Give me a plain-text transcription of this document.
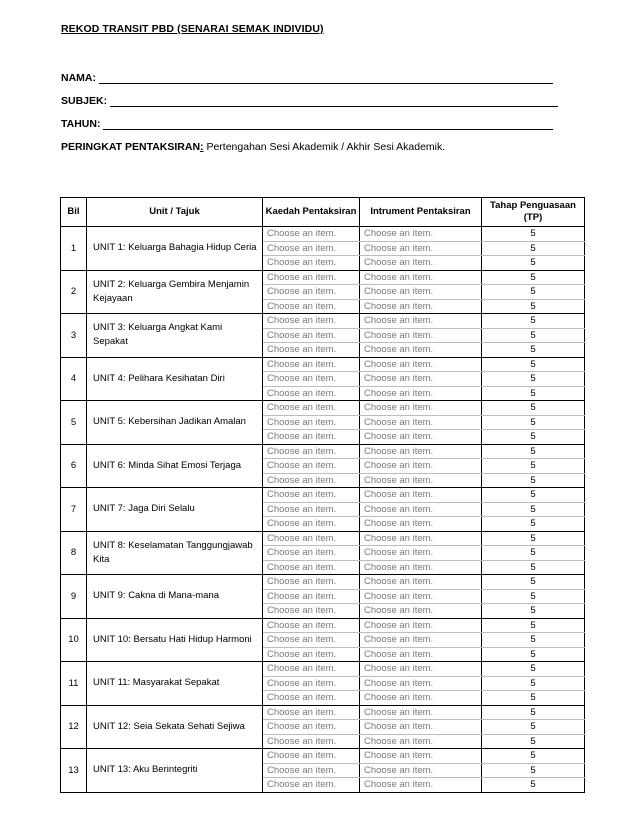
REKOD TRANSIT PBD (SENARAI SEMAK INDIVIDU)
NAMA:
SUBJEK:
TAHUN:
PERINGKAT PENTAKSIRAN: Pertengahan Sesi Akademik / Akhir Sesi Akademik.
Bil	Unit / Tajuk	Kaedah Pentaksiran	Intrument Pentaksiran	Tahap Penguasaan (TP)
1	UNIT 1: Keluarga Bahagia Hidup Ceria	Choose an item.	Choose an item.	5
		Choose an item.	Choose an item.	5
		Choose an item.	Choose an item.	5
2	UNIT 2: Keluarga Gembira Menjamin Kejayaan	Choose an item.	Choose an item.	5
		Choose an item.	Choose an item.	5
		Choose an item.	Choose an item.	5
3	UNIT 3: Keluarga Angkat Kami Sepakat	Choose an item.	Choose an item.	5
		Choose an item.	Choose an item.	5
		Choose an item.	Choose an item.	5
4	UNIT 4: Pelihara Kesihatan Diri	Choose an item.	Choose an item.	5
		Choose an item.	Choose an item.	5
		Choose an item.	Choose an item.	5
5	UNIT 5: Kebersihan Jadikan Amalan	Choose an item.	Choose an item.	5
		Choose an item.	Choose an item.	5
		Choose an item.	Choose an item.	5
6	UNIT 6: Minda Sihat Emosi Terjaga	Choose an item.	Choose an item.	5
		Choose an item.	Choose an item.	5
		Choose an item.	Choose an item.	5
7	UNIT 7: Jaga Diri Selalu	Choose an item.	Choose an item.	5
		Choose an item.	Choose an item.	5
		Choose an item.	Choose an item.	5
8	UNIT 8: Keselamatan Tanggungjawab Kita	Choose an item.	Choose an item.	5
		Choose an item.	Choose an item.	5
		Choose an item.	Choose an item.	5
9	UNIT 9: Cakna di Mana-mana	Choose an item.	Choose an item.	5
		Choose an item.	Choose an item.	5
		Choose an item.	Choose an item.	5
10	UNIT 10: Bersatu Hati Hidup Harmoni	Choose an item.	Choose an item.	5
		Choose an item.	Choose an item.	5
		Choose an item.	Choose an item.	5
11	UNIT 11: Masyarakat Sepakat	Choose an item.	Choose an item.	5
		Choose an item.	Choose an item.	5
		Choose an item.	Choose an item.	5
12	UNIT 12: Seia Sekata Sehati Sejiwa	Choose an item.	Choose an item.	5
		Choose an item.	Choose an item.	5
		Choose an item.	Choose an item.	5
13	UNIT 13: Aku Berintegriti	Choose an item.	Choose an item.	5
		Choose an item.	Choose an item.	5
		Choose an item.	Choose an item.	5
